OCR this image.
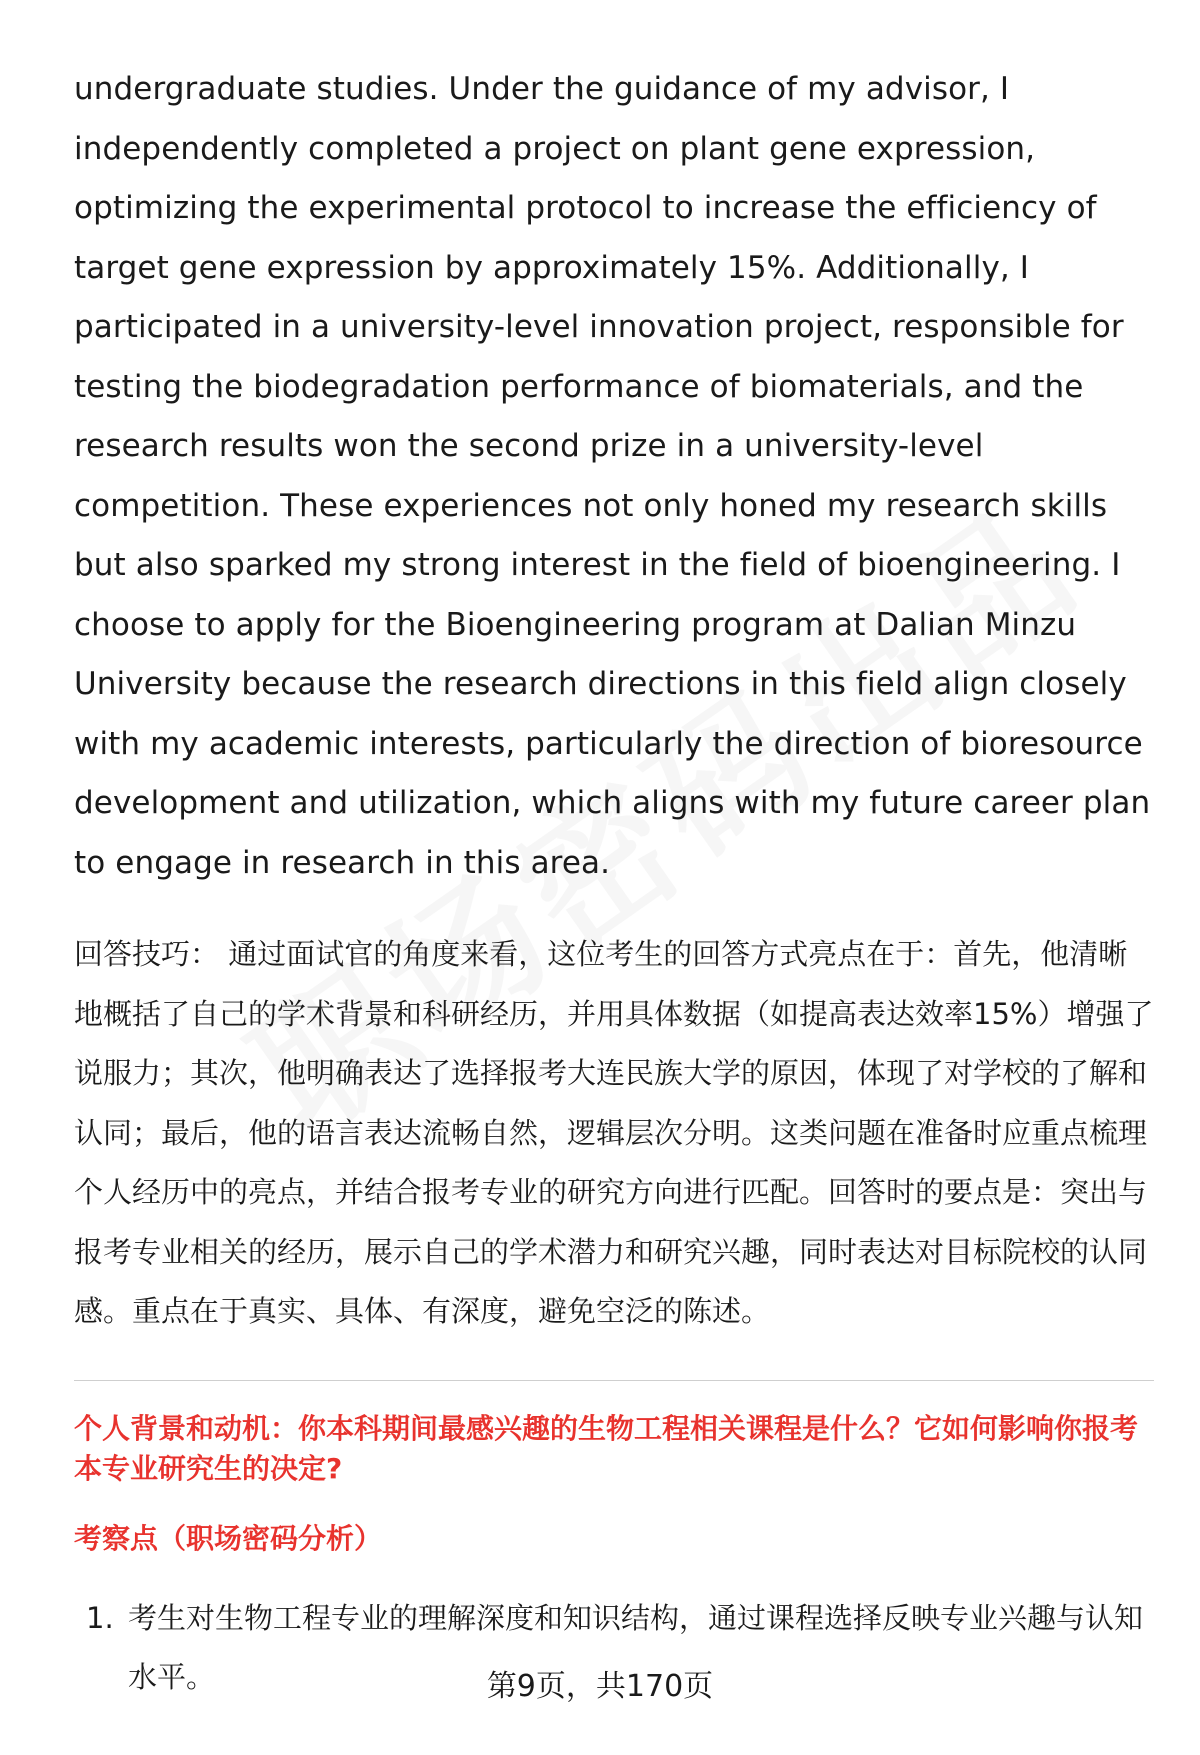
undergraduate studies. Under the guidance of my advisor, I independently completed a project on plant gene expression, optimizing the experimental protocol to increase the efficiency of target gene expression by approximately 15%. Additionally, I participated in a university-level innovation project, responsible for testing the biodegradation performance of biomaterials, and the research results won the second prize in a university-level competition. These experiences not only honed my research skills but also sparked my strong interest in the field of bioengineering. I choose to apply for the Bioengineering program at Dalian Minzu University because the research directions in this field align closely with my academic interests, particularly the direction of bioresource development and utilization, which aligns with my future career plan to engage in research in this area.

回答技巧： 通过面试官的角度来看，这位考生的回答方式亮点在于：首先，他清晰地概括了自己的学术背景和科研经历，并用具体数据（如提高表达效率15%）增强了说服力；其次，他明确表达了选择报考大连民族大学的原因，体现了对学校的了解和认同；最后，他的语言表达流畅自然，逻辑层次分明。这类问题在准备时应重点梳理个人经历中的亮点，并结合报考专业的研究方向进行匹配。回答时的要点是：突出与报考专业相关的经历，展示自己的学术潜力和研究兴趣，同时表达对目标院校的认同感。重点在于真实、具体、有深度，避免空泛的陈述。

个人背景和动机：你本科期间最感兴趣的生物工程相关课程是什么？它如何影响你报考本专业研究生的决定?
考察点（职场密码分析）
1. 考生对生物工程专业的理解深度和知识结构，通过课程选择反映专业兴趣与认知水平。	第9页，共170页
